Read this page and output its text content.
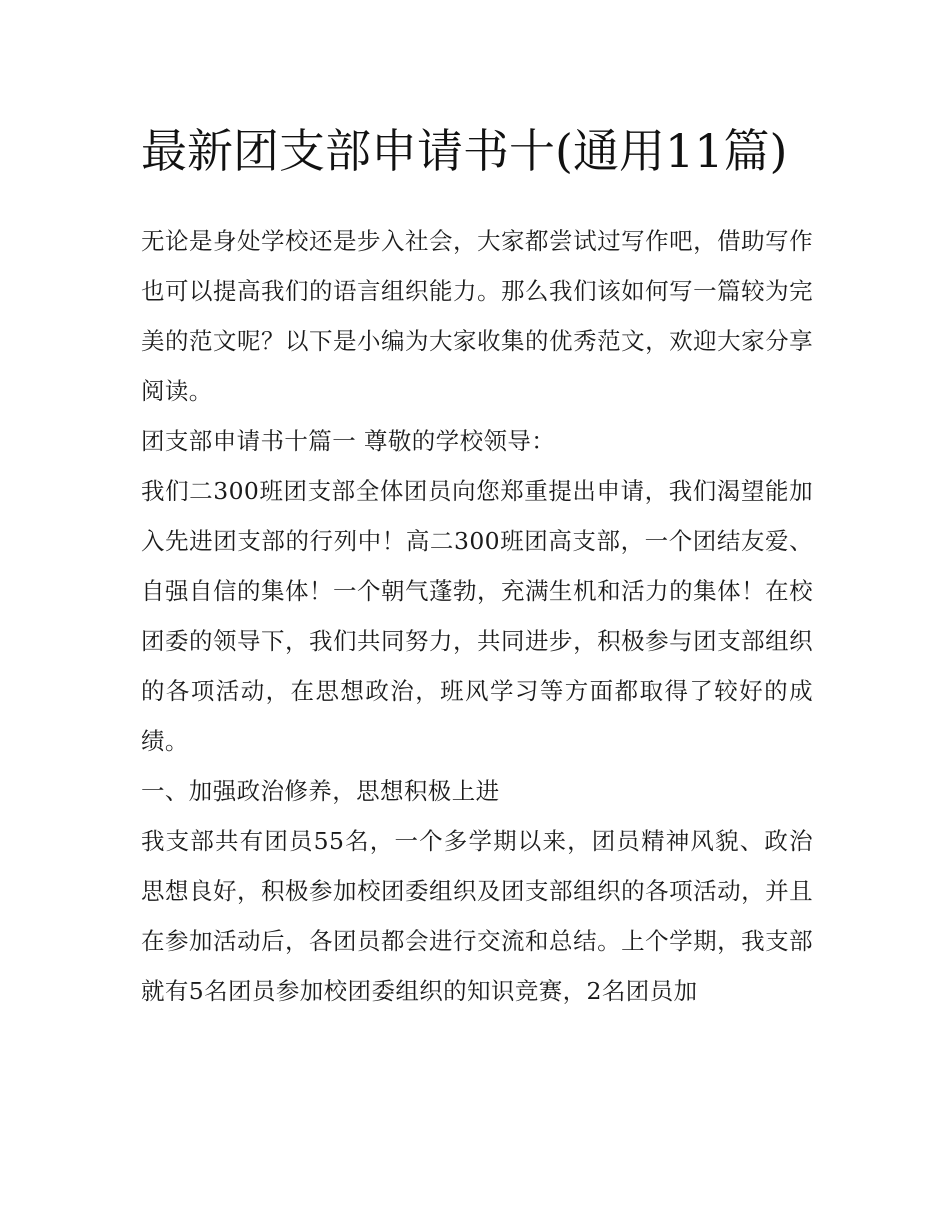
最新团支部申请书十(通用11篇)

无论是身处学校还是步入社会，大家都尝试过写作吧，借助写作也可以提高我们的语言组织能力。那么我们该如何写一篇较为完美的范文呢？以下是小编为大家收集的优秀范文，欢迎大家分享阅读。

团支部申请书十篇一 尊敬的学校领导：

我们二300班团支部全体团员向您郑重提出申请，我们渴望能加入先进团支部的行列中！高二300班团高支部，一个团结友爱、自强自信的集体！一个朝气蓬勃，充满生机和活力的集体！在校团委的领导下，我们共同努力，共同进步，积极参与团支部组织的各项活动，在思想政治，班风学习等方面都取得了较好的成绩。

一、加强政治修养，思想积极上进

我支部共有团员55名，一个多学期以来，团员精神风貌、政治思想良好，积极参加校团委组织及团支部组织的各项活动，并且在参加活动后，各团员都会进行交流和总结。上个学期，我支部就有5名团员参加校团委组织的知识竞赛，2名团员加
